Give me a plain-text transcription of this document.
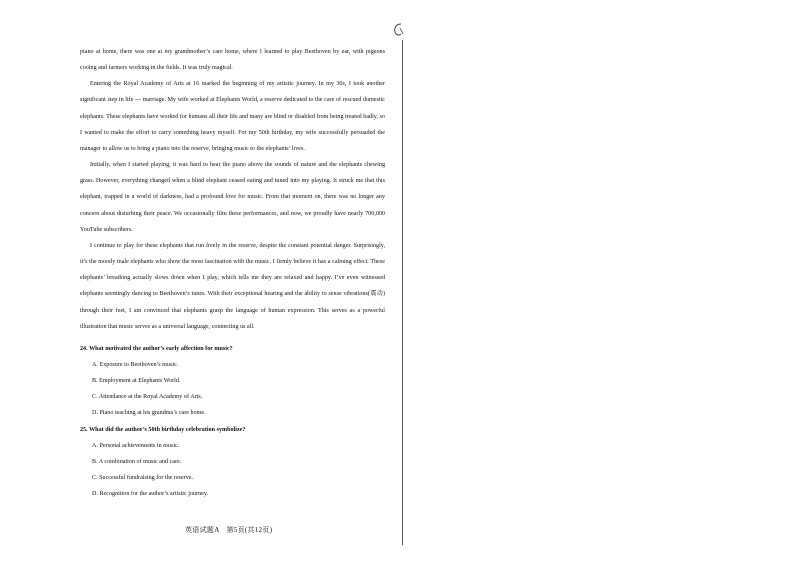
piano at home, there was one at my grandmother’s care home, where I learned to play Beethoven by ear, with pigeons cooing and farmers working in the fields. It was truly magical.

Entering the Royal Academy of Arts at 16 marked the beginning of my artistic journey. In my 30s, I took another significant step in life — marriage. My wife worked at Elephants World, a reserve dedicated to the care of rescued domestic elephants. These elephants have worked for humans all their life and many are blind or disabled from being treated badly, so I wanted to make the effort to carry something heavy myself. For my 50th birthday, my wife successfully persuaded the manager to allow us to bring a piano into the reserve, bringing music to the elephants’ lives.

Initially, when I started playing, it was hard to hear the piano above the sounds of nature and the elephants chewing grass. However, everything changed when a blind elephant ceased eating and tuned into my playing. It struck me that this elephant, trapped in a world of darkness, had a profound love for music. From that moment on, there was no longer any concern about disturbing their peace. We occasionally film these performances, and now, we proudly have nearly 700,000 YouTube subscribers.

I continue to play for these elephants that run freely in the reserve, despite the constant potential danger. Surprisingly, it’s the moody male elephants who show the most fascination with the music. I firmly believe it has a calming effect. These elephants’ breathing actually slows down when I play, which tells me they are relaxed and happy. I’ve even witnessed elephants seemingly dancing to Beethoven’s tunes. With their exceptional hearing and the ability to sense vibrations(震动) through their feet, I am convinced that elephants grasp the language of human expression. This serves as a powerful illustration that music serves as a universal language, connecting us all.

24. What motivated the author’s early affection for music?
A. Exposure to Beethoven’s music.
B. Employment at Elephants World.
C. Attendance at the Royal Academy of Arts.
D. Piano teaching at his grandma’s care home.
25. What did the author’s 50th birthday celebration symbolize?
A. Personal achievements in music.
B. A combination of music and care.
C. Successful fundraising for the reserve.
D. Recognition for the author’s artistic journey.
英语试题A　第5页(共12页)
